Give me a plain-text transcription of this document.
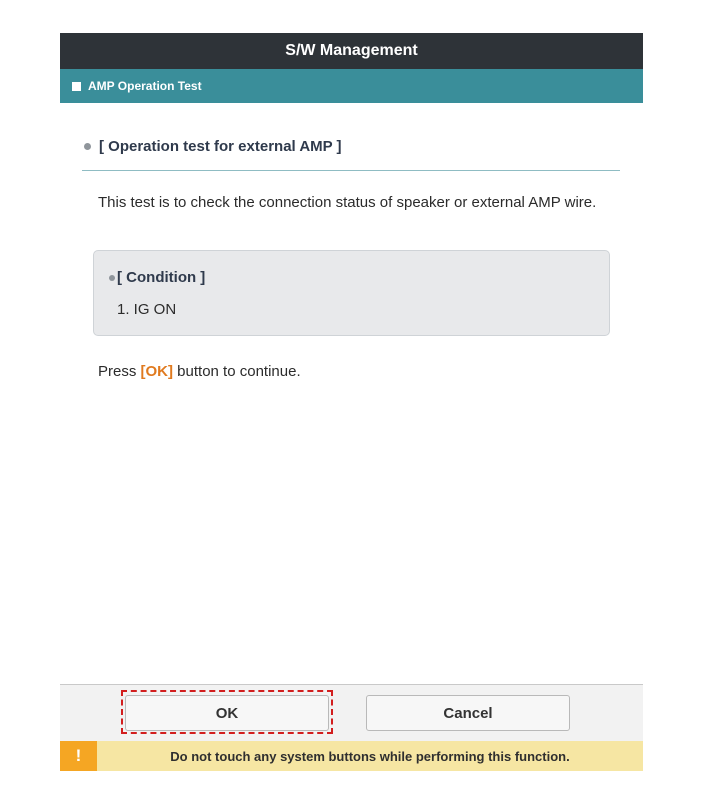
S/W Management
AMP Operation Test
[ Operation test for external AMP ]
This test is to check the connection status of speaker or external AMP wire.
[ Condition ]
1. IG ON
Press [OK] button to continue.
OK	Cancel
!	Do not touch any system buttons while performing this function.
